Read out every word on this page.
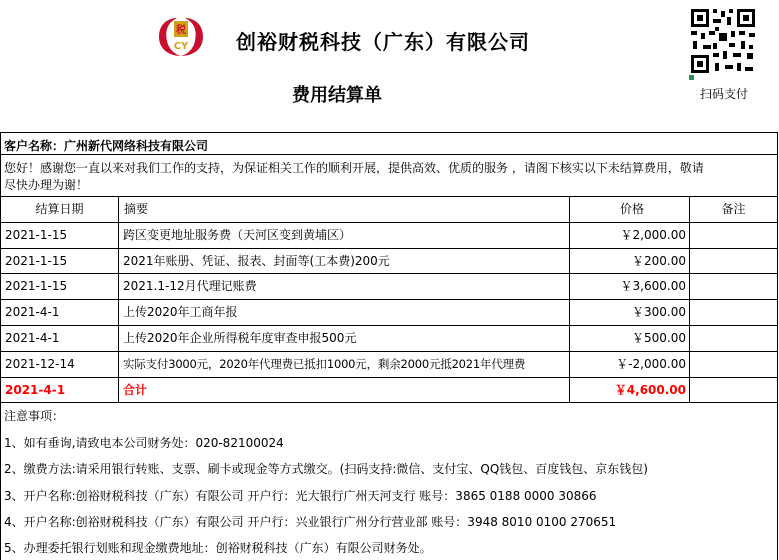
税
CY 创裕财税科技（广东）有限公司
费用结算单	扫码支付
客户名称：广州新代网络科技有限公司
您好！感谢您一直以来对我们工作的支持，为保证相关工作的顺利开展，提供高效、优质的服务 ，请阁下核实以下未结算费用，敬请
尽快办理为谢！
结算日期	摘要	价格	备注
2021-1-15	跨区变更地址服务费（天河区变到黄埔区）	￥2,000.00
2021-1-15	2021年账册、凭证、报表、封面等(工本费)200元	￥200.00
2021-1-15	2021.1-12月代理记账费	￥3,600.00
2021-4-1	上传2020年工商年报	￥300.00
2021-4-1	上传2020年企业所得税年度审查申报500元	￥500.00
2021-12-14	实际支付3000元，2020年代理费已抵扣1000元，剩余2000元抵2021年代理费	￥-2,000.00
2021-4-1	合计	￥4,600.00
注意事项：
1、如有垂询,请致电本公司财务处：020-82100024
2、缴费方法:请采用银行转账、支票、刷卡或现金等方式缴交。(扫码支持:微信、支付宝、QQ钱包、百度钱包、京东钱包)
3、开户名称:创裕财税科技（广东）有限公司 开户行：光大银行广州天河支行 账号：3865 0188 0000 30866
4、开户名称:创裕财税科技（广东）有限公司 开户行：兴业银行广州分行营业部 账号：3948 8010 0100 270651
5、办理委托银行划账和现金缴费地址：创裕财税科技（广东）有限公司财务处。
